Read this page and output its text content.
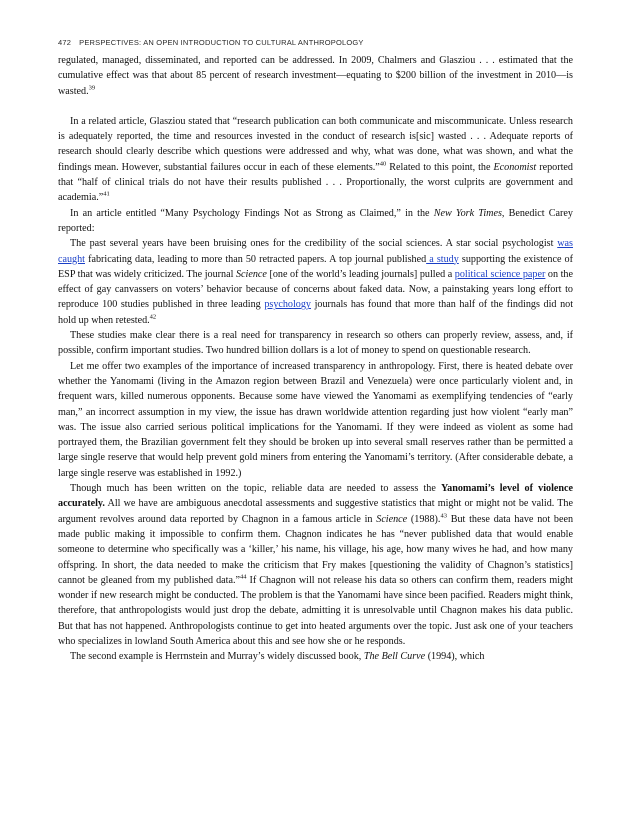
472 PERSPECTIVES: AN OPEN INTRODUCTION TO CULTURAL ANTHROPOLOGY

regulated, managed, disseminated, and reported can be addressed. In 2009, Chalmers and Glasziou . . . estimated that the cumulative effect was that about 85 percent of research investment—equating to $200 billion of the investment in 2010—is wasted.$^{39}$

In a related article, Glasziou stated that “research publication can both communicate and miscommunicate. Unless research is adequately reported, the time and resources invested in the conduct of research is[sic] wasted . . . Adequate reports of research should clearly describe which questions were addressed and why, what was done, what was shown, and what the findings mean. However, substantial failures occur in each of these elements.”$^{40}$ Related to this point, the Economist reported that “half of clinical trials do not have their results published . . . Proportionally, the worst culprits are government and academia.”$^{41}$

In an article entitled “Many Psychology Findings Not as Strong as Claimed,” in the New York Times, Benedict Carey reported:

The past several years have been bruising ones for the credibility of the social sciences. A star social psychologist was caught fabricating data, leading to more than 50 retracted papers. A top journal published a study supporting the existence of ESP that was widely criticized. The journal Science [one of the world’s leading journals] pulled a political science paper on the effect of gay canvassers on voters’ behavior because of concerns about faked data. Now, a painstaking years long effort to reproduce 100 studies published in three leading psychology journals has found that more than half of the findings did not hold up when retested.$^{42}$

These studies make clear there is a real need for transparency in research so others can properly review, assess, and, if possible, confirm important studies. Two hundred billion dollars is a lot of money to spend on questionable research.

Let me offer two examples of the importance of increased transparency in anthropology. First, there is heated debate over whether the Yanomami (living in the Amazon region between Brazil and Venezuela) were once particularly violent and, in frequent wars, killed numerous opponents. Because some have viewed the Yanomami as exemplifying tendencies of “early man,” an incorrect assumption in my view, the issue has drawn worldwide attention regarding just how violent “early man” was. The issue also carried serious political implications for the Yanomami. If they were indeed as violent as some had portrayed them, the Brazilian government felt they should be broken up into several small reserves rather than be permitted a large single reserve that would help prevent gold miners from entering the Yanomami’s territory. (After considerable debate, a large single reserve was established in 1992.)

Though much has been written on the topic, reliable data are needed to assess the Yanomami’s level of violence accurately. All we have are ambiguous anecdotal assessments and suggestive statistics that might or might not be valid. The argument revolves around data reported by Chagnon in a famous article in Science (1988).$^{43}$ But these data have not been made public making it impossible to confirm them. Chagnon indicates he has “never published data that would enable someone to determine who specifically was a ‘killer,’ his name, his village, his age, how many wives he had, and how many offspring. In short, the data needed to make the criticism that Fry makes [questioning the validity of Chagnon’s statistics] cannot be gleaned from my published data.”$^{44}$ If Chagnon will not release his data so others can confirm them, readers might wonder if new research might be conducted. The problem is that the Yanomami have since been pacified. Readers might think, therefore, that anthropologists would just drop the debate, admitting it is unresolvable until Chagnon makes his data public. But that has not happened. Anthropologists continue to get into heated arguments over the topic. Just ask one of your teachers who specializes in lowland South America about this and see how she or he responds.

The second example is Herrnstein and Murray’s widely discussed book, The Bell Curve (1994), which
